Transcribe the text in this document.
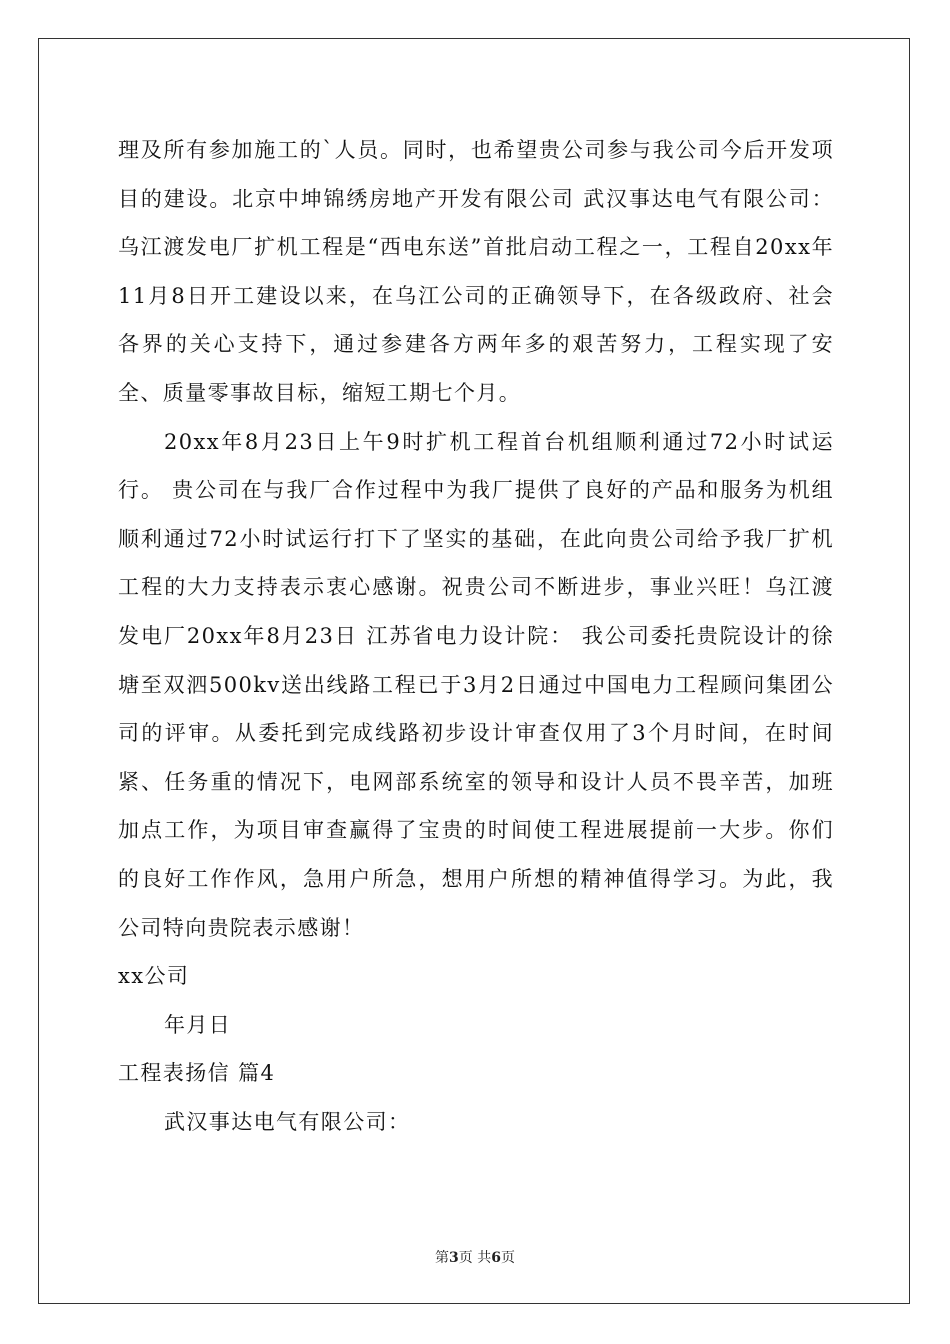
理及所有参加施工的`人员。同时，也希望贵公司参与我公司今后开发项目的建设。北京中坤锦绣房地产开发有限公司 武汉事达电气有限公司：乌江渡发电厂扩机工程是“西电东送”首批启动工程之一，工程自20xx年11月8日开工建设以来，在乌江公司的正确领导下，在各级政府、社会各界的关心支持下，通过参建各方两年多的艰苦努力，工程实现了安全、质量零事故目标，缩短工期七个月。

20xx年8月23日上午9时扩机工程首台机组顺利通过72小时试运行。 贵公司在与我厂合作过程中为我厂提供了良好的产品和服务为机组顺利通过72小时试运行打下了坚实的基础，在此向贵公司给予我厂扩机工程的大力支持表示衷心感谢。祝贵公司不断进步，事业兴旺！乌江渡发电厂20xx年8月23日 江苏省电力设计院： 我公司委托贵院设计的徐塘至双泗500kv送出线路工程已于3月2日通过中国电力工程顾问集团公司的评审。从委托到完成线路初步设计审查仅用了3个月时间，在时间紧、任务重的情况下，电网部系统室的领导和设计人员不畏辛苦，加班加点工作，为项目审查赢得了宝贵的时间使工程进展提前一大步。你们的良好工作作风，急用户所急，想用户所想的精神值得学习。为此，我公司特向贵院表示感谢！

xx公司

年月日

工程表扬信 篇4

武汉事达电气有限公司：

第3页 共6页
